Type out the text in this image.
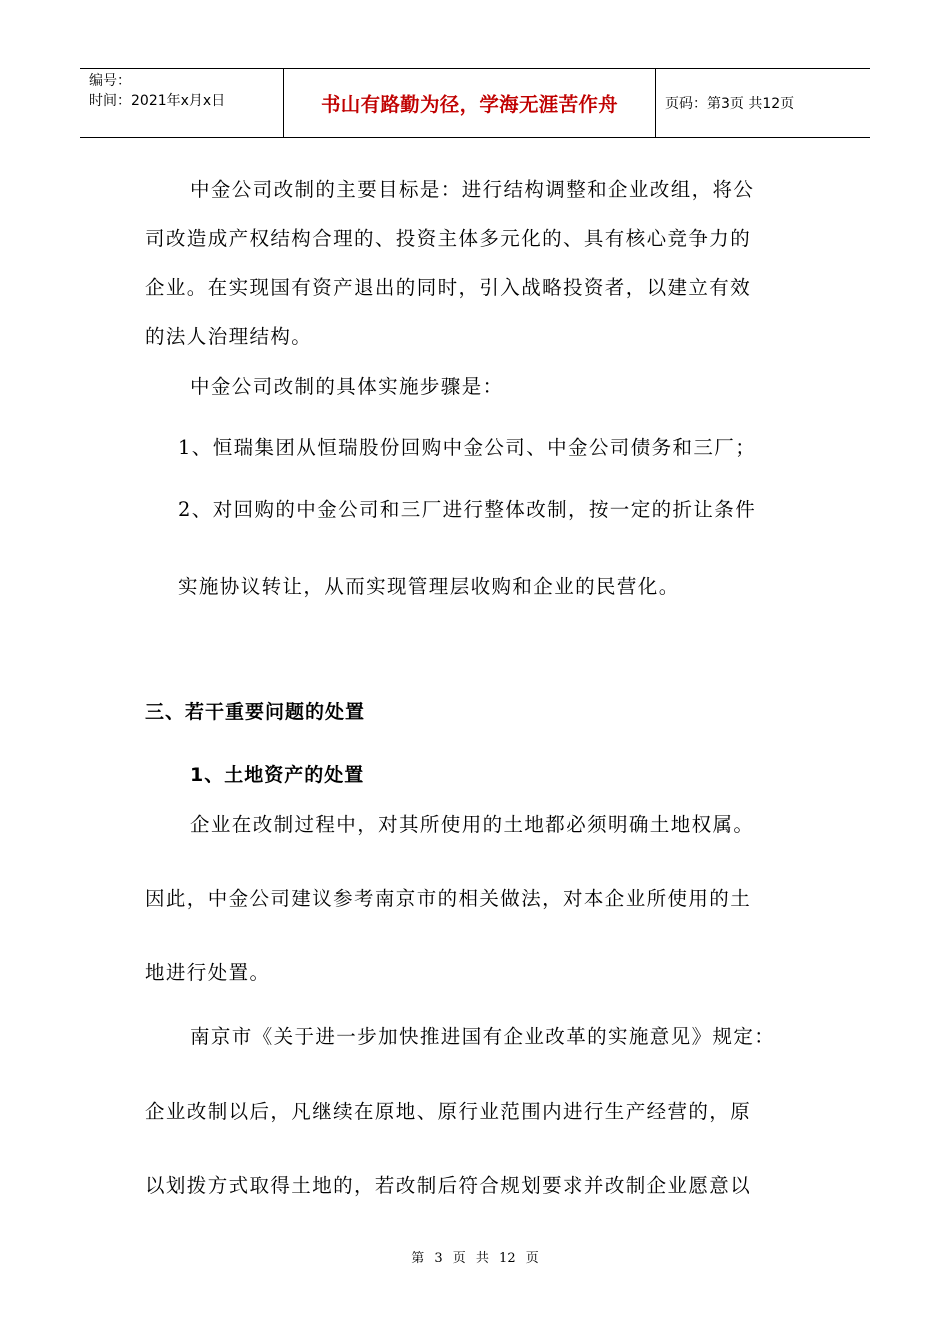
编号：
时间：2021年x月x日	书山有路勤为径，学海无涯苦作舟	页码：第3页 共12页
中金公司改制的主要目标是：进行结构调整和企业改组，将公
司改造成产权结构合理的、投资主体多元化的、具有核心竞争力的
企业。在实现国有资产退出的同时，引入战略投资者，以建立有效
的法人治理结构。
中金公司改制的具体实施步骤是：
1、恒瑞集团从恒瑞股份回购中金公司、中金公司债务和三厂；
2、对回购的中金公司和三厂进行整体改制，按一定的折让条件
实施协议转让，从而实现管理层收购和企业的民营化。
三、若干重要问题的处置
1、土地资产的处置
企业在改制过程中，对其所使用的土地都必须明确土地权属。
因此，中金公司建议参考南京市的相关做法，对本企业所使用的土
地进行处置。
南京市《关于进一步加快推进国有企业改革的实施意见》规定：
企业改制以后，凡继续在原地、原行业范围内进行生产经营的，原
以划拨方式取得土地的，若改制后符合规划要求并改制企业愿意以
第 3 页 共 12 页
